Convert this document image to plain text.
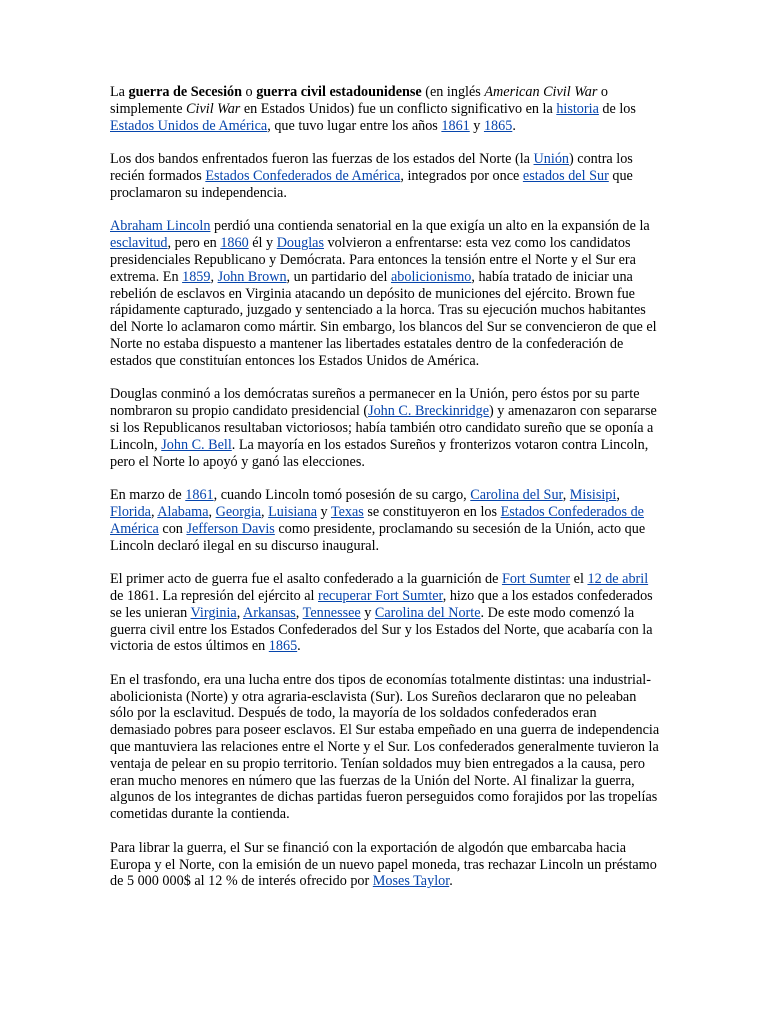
La guerra de Secesión o guerra civil estadounidense (en inglés American Civil War o simplemente Civil War en Estados Unidos) fue un conflicto significativo en la historia de los Estados Unidos de América, que tuvo lugar entre los años 1861 y 1865.

Los dos bandos enfrentados fueron las fuerzas de los estados del Norte (la Unión) contra los recién formados Estados Confederados de América, integrados por once estados del Sur que proclamaron su independencia.

Abraham Lincoln perdió una contienda senatorial en la que exigía un alto en la expansión de la esclavitud, pero en 1860 él y Douglas volvieron a enfrentarse: esta vez como los candidatos presidenciales Republicano y Demócrata. Para entonces la tensión entre el Norte y el Sur era extrema. En 1859, John Brown, un partidario del abolicionismo, había tratado de iniciar una rebelión de esclavos en Virginia atacando un depósito de municiones del ejército. Brown fue rápidamente capturado, juzgado y sentenciado a la horca. Tras su ejecución muchos habitantes del Norte lo aclamaron como mártir. Sin embargo, los blancos del Sur se convencieron de que el Norte no estaba dispuesto a mantener las libertades estatales dentro de la confederación de estados que constituían entonces los Estados Unidos de América.

Douglas conminó a los demócratas sureños a permanecer en la Unión, pero éstos por su parte nombraron su propio candidato presidencial (John C. Breckinridge) y amenazaron con separarse si los Republicanos resultaban victoriosos; había también otro candidato sureño que se oponía a Lincoln, John C. Bell. La mayoría en los estados Sureños y fronterizos votaron contra Lincoln, pero el Norte lo apoyó y ganó las elecciones.

En marzo de 1861, cuando Lincoln tomó posesión de su cargo, Carolina del Sur, Misisipi, Florida, Alabama, Georgia, Luisiana y Texas se constituyeron en los Estados Confederados de América con Jefferson Davis como presidente, proclamando su secesión de la Unión, acto que Lincoln declaró ilegal en su discurso inaugural.

El primer acto de guerra fue el asalto confederado a la guarnición de Fort Sumter el 12 de abril de 1861. La represión del ejército al recuperar Fort Sumter, hizo que a los estados confederados se les unieran Virginia, Arkansas, Tennessee y Carolina del Norte. De este modo comenzó la guerra civil entre los Estados Confederados del Sur y los Estados del Norte, que acabaría con la victoria de estos últimos en 1865.

En el trasfondo, era una lucha entre dos tipos de economías totalmente distintas: una industrial-abolicionista (Norte) y otra agraria-esclavista (Sur). Los Sureños declararon que no peleaban sólo por la esclavitud. Después de todo, la mayoría de los soldados confederados eran demasiado pobres para poseer esclavos. El Sur estaba empeñado en una guerra de independencia que mantuviera las relaciones entre el Norte y el Sur. Los confederados generalmente tuvieron la ventaja de pelear en su propio territorio. Tenían soldados muy bien entregados a la causa, pero eran mucho menores en número que las fuerzas de la Unión del Norte. Al finalizar la guerra, algunos de los integrantes de dichas partidas fueron perseguidos como forajidos por las tropelías cometidas durante la contienda.

Para librar la guerra, el Sur se financió con la exportación de algodón que embarcaba hacia Europa y el Norte, con la emisión de un nuevo papel moneda, tras rechazar Lincoln un préstamo de 5 000 000$ al 12 % de interés ofrecido por Moses Taylor.
